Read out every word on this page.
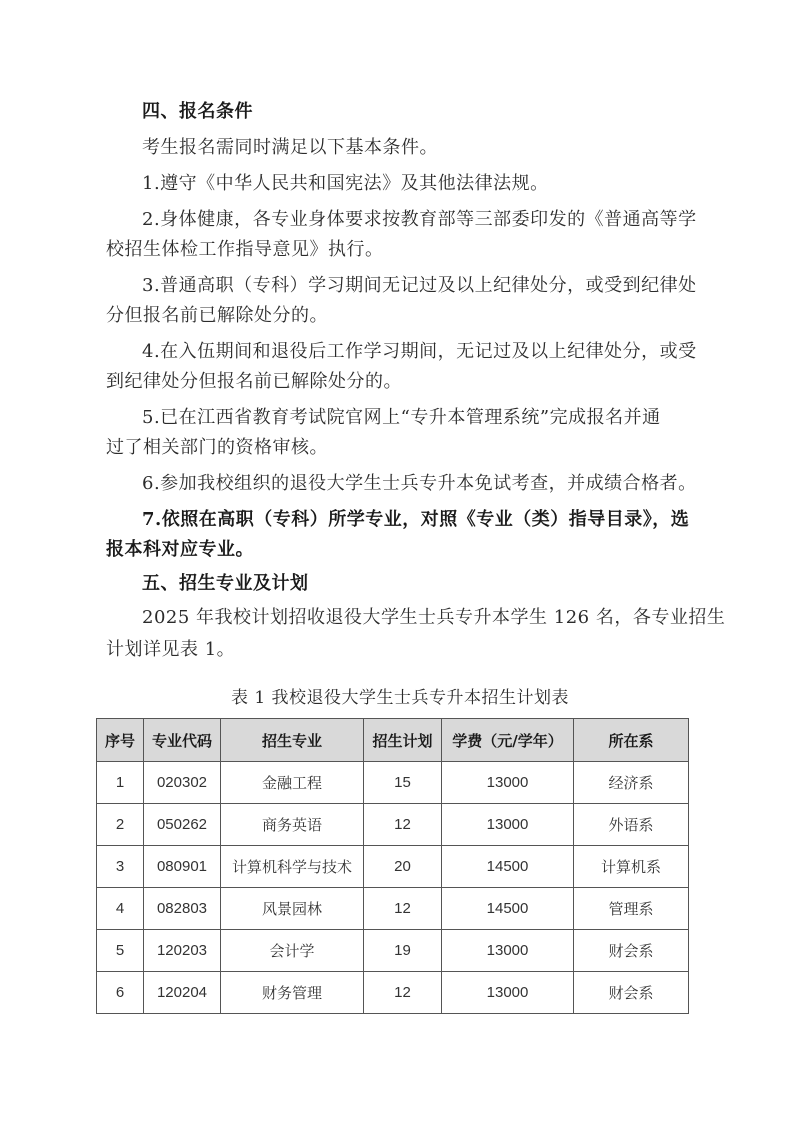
四、报名条件
考生报名需同时满足以下基本条件。
1.遵守《中华人民共和国宪法》及其他法律法规。
2.身体健康，各专业身体要求按教育部等三部委印发的《普通高等学
校招生体检工作指导意见》执行。
3.普通高职（专科）学习期间无记过及以上纪律处分，或受到纪律处
分但报名前已解除处分的。
4.在入伍期间和退役后工作学习期间，无记过及以上纪律处分，或受
到纪律处分但报名前已解除处分的。
5.已在江西省教育考试院官网上“专升本管理系统”完成报名并通
过了相关部门的资格审核。
6.参加我校组织的退役大学生士兵专升本免试考查，并成绩合格者。
7.依照在高职（专科）所学专业，对照《专业（类）指导目录》，选
报本科对应专业。
五、招生专业及计划
2025 年我校计划招收退役大学生士兵专升本学生 126 名，各专业招生
计划详见表 1。
表 1 我校退役大学生士兵专升本招生计划表
序号	专业代码	招生专业	招生计划	学费（元/学年）	所在系
1	020302	金融工程	15	13000	经济系
2	050262	商务英语	12	13000	外语系
3	080901	计算机科学与技术	20	14500	计算机系
4	082803	风景园林	12	14500	管理系
5	120203	会计学	19	13000	财会系
6	120204	财务管理	12	13000	财会系
